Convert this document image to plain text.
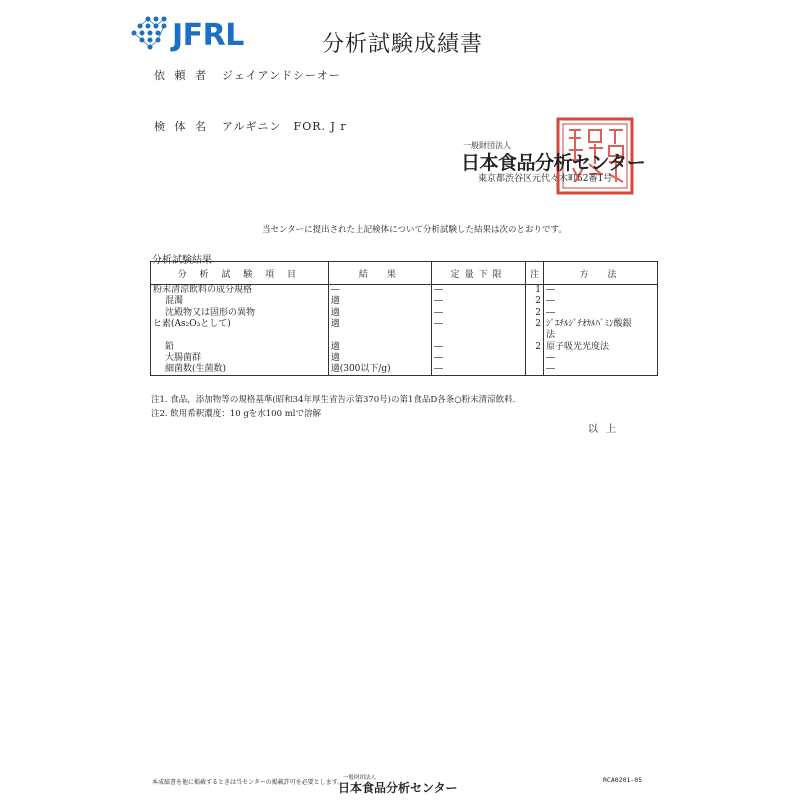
JFRL	分析試験成績書
依 頼 者 ジェイアンドシーオー
検 体 名 アルギニン　FOR. J r
一般財団法人
日本食品分析センター
東京都渋谷区元代々木町52番1号
当センターに提出された上記検体について分析試験した結果は次のとおりです。
分析試験結果
分 析 試 験 項 目	結　果	定量下限	注	方　法
粉末清涼飲料の成分規格	―	―	1	―
混濁	適	―	2	―
沈殿物又は固形の異物	適	―	2	―
ヒ素(As₂O₃として)	適	―	2	ｼﾞｴﾁﾙｼﾞﾁｵｶﾙﾊﾞﾐﾝ酸銀
				法
鉛	適	―	2	原子吸光光度法
大腸菌群	適	―		―
細菌数(生菌数)	適(300以下/g)	―		―
注1. 食品，添加物等の規格基準(昭和34年厚生省告示第370号)の第1食品D各条○粉末清涼飲料．
注2. 飲用希釈濃度：10 gを水100 mlで溶解
以上
本成績書を他に掲載するときは当センターの掲載許可を必要とします。
一般財団法人
日本食品分析センター
RCA0201-05
